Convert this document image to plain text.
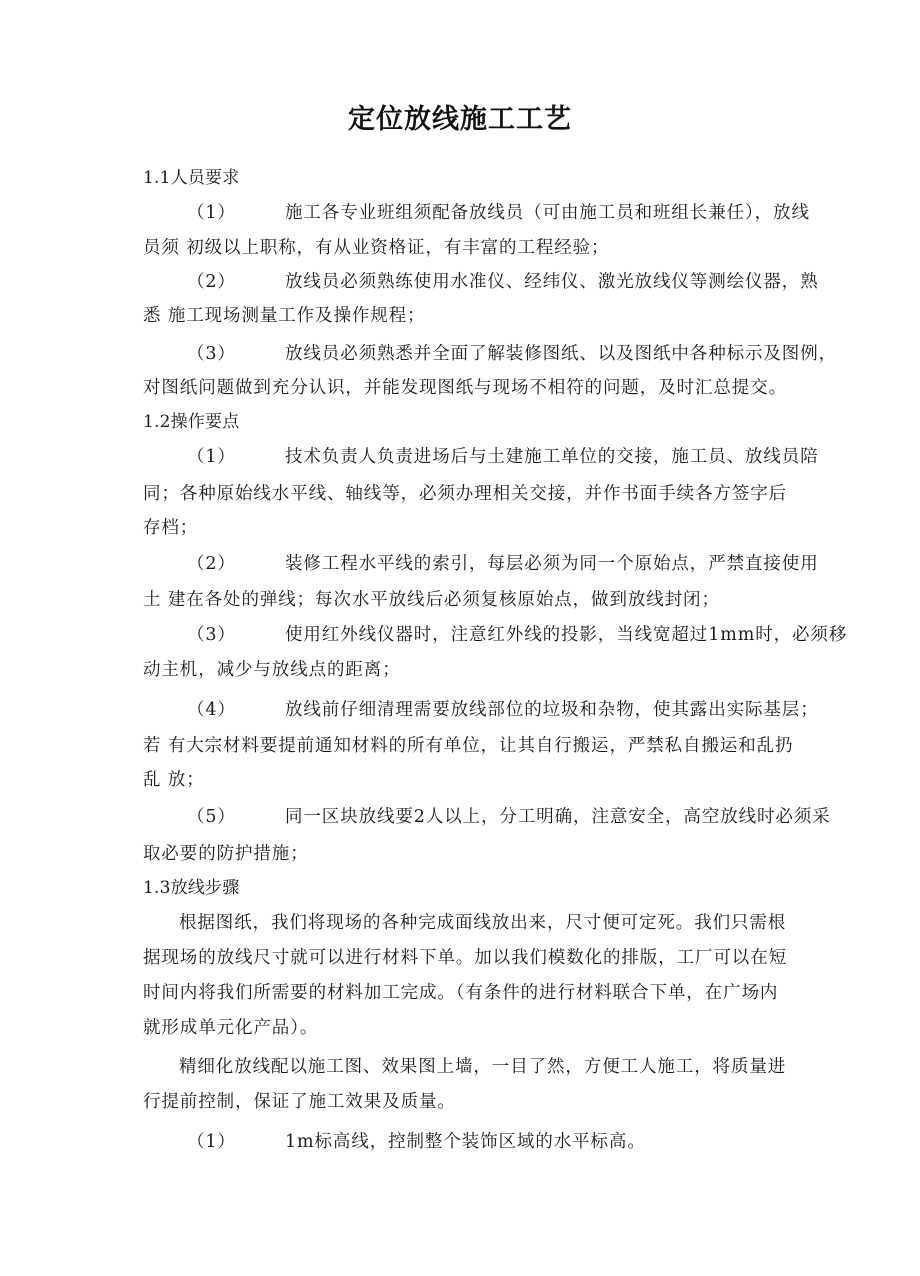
定位放线施工工艺
1.1人员要求
（1）	施工各专业班组须配备放线员（可由施工员和班组长兼任），放线
员须 初级以上职称，有从业资格证，有丰富的工程经验；
（2）	放线员必须熟练使用水准仪、经纬仪、激光放线仪等测绘仪器，熟
悉 施工现场测量工作及操作规程；
（3）	放线员必须熟悉并全面了解装修图纸、以及图纸中各种标示及图例，
对图纸问题做到充分认识，并能发现图纸与现场不相符的问题，及时汇总提交。
1.2操作要点
（1）	技术负责人负责进场后与土建施工单位的交接，施工员、放线员陪
同；各种原始线水平线、轴线等，必须办理相关交接，并作书面手续各方签字后
存档；
（2）	装修工程水平线的索引，每层必须为同一个原始点，严禁直接使用
土 建在各处的弹线；每次水平放线后必须复核原始点，做到放线封闭；
（3）	使用红外线仪器时，注意红外线的投影，当线宽超过1mm时，必须移
动主机，减少与放线点的距离；
（4）	放线前仔细清理需要放线部位的垃圾和杂物，使其露出实际基层；
若 有大宗材料要提前通知材料的所有单位，让其自行搬运，严禁私自搬运和乱扔
乱 放；
（5）	同一区块放线要2人以上，分工明确，注意安全，高空放线时必须采
取必要的防护措施；
1.3放线步骤
根据图纸，我们将现场的各种完成面线放出来，尺寸便可定死。我们只需根
据现场的放线尺寸就可以进行材料下单。加以我们模数化的排版，工厂可以在短
时间内将我们所需要的材料加工完成。（有条件的进行材料联合下单，在广场内
就形成单元化产品）。
精细化放线配以施工图、效果图上墙，一目了然，方便工人施工，将质量进
行提前控制，保证了施工效果及质量。
（1）	1m标高线，控制整个装饰区域的水平标高。
